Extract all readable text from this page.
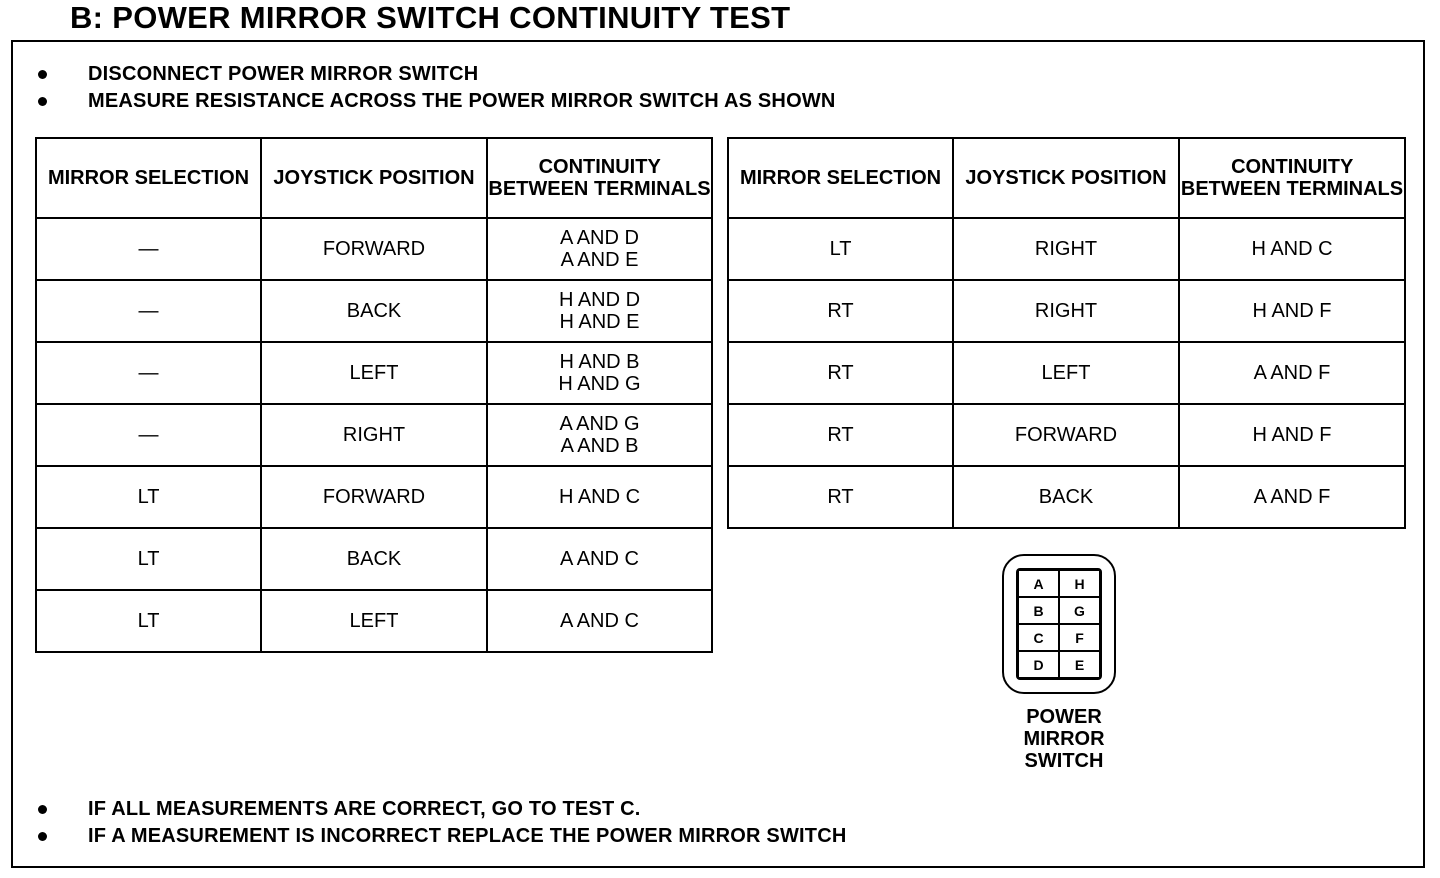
B: POWER MIRROR SWITCH CONTINUITY TEST
DISCONNECT POWER MIRROR SWITCH
MEASURE RESISTANCE ACROSS THE POWER MIRROR SWITCH AS SHOWN
MIRROR SELECTION	JOYSTICK POSITION	CONTINUITY BETWEEN TERMINALS
—	FORWARD	A AND D
A AND E

—	BACK	H AND D
H AND E

—	LEFT	H AND B
H AND G

—	RIGHT	A AND G
A AND B

LT	FORWARD	H AND C

LT	BACK	A AND C

LT	LEFT	A AND C
MIRROR SELECTION	JOYSTICK POSITION	CONTINUITY BETWEEN TERMINALS
LT	RIGHT	H AND C

RT	RIGHT	H AND F

RT	LEFT	A AND F

RT	FORWARD	H AND F

RT	BACK	A AND F
A	H
B	G
C	F
D	E
POWER
MIRROR
SWITCH
IF ALL MEASUREMENTS ARE CORRECT, GO TO TEST C.
IF A MEASUREMENT IS INCORRECT REPLACE THE POWER MIRROR SWITCH
